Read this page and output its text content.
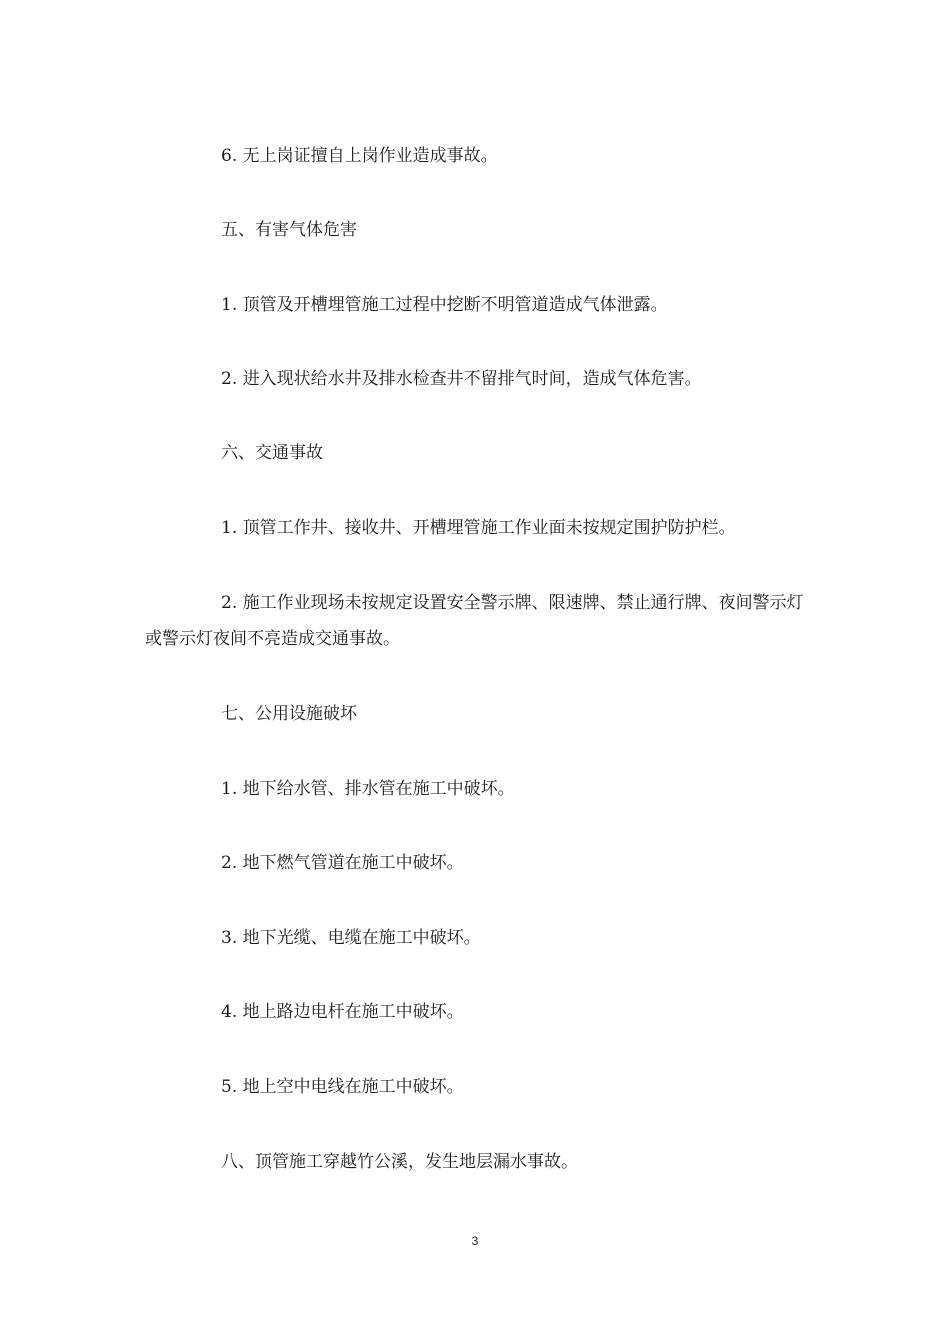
6. 无上岗证擅自上岗作业造成事故。

五、有害气体危害

1. 顶管及开槽埋管施工过程中挖断不明管道造成气体泄露。

2. 进入现状给水井及排水检查井不留排气时间，造成气体危害。

六、交通事故

1. 顶管工作井、接收井、开槽埋管施工作业面未按规定围护防护栏。

2. 施工作业现场未按规定设置安全警示牌、限速牌、禁止通行牌、夜间警示灯或警示灯夜间不亮造成交通事故。

七、公用设施破坏

1. 地下给水管、排水管在施工中破坏。

2. 地下燃气管道在施工中破坏。

3. 地下光缆、电缆在施工中破坏。

4. 地上路边电杆在施工中破坏。

5. 地上空中电线在施工中破坏。

八、顶管施工穿越竹公溪，发生地层漏水事故。

3
